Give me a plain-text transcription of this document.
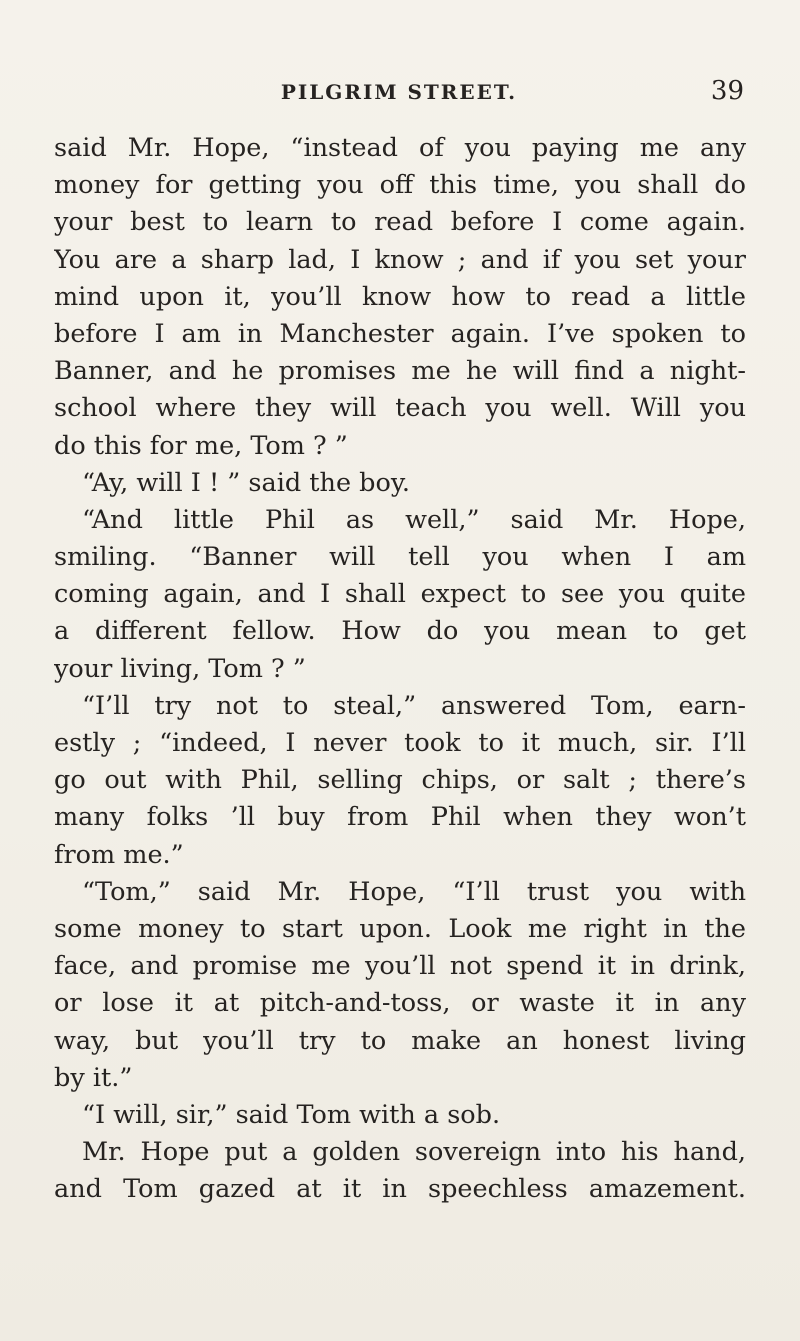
PILGRIM STREET.	39
said Mr. Hope, “instead of you paying me any
money for getting you off this time, you shall do
your best to learn to read before I come again.
You are a sharp lad, I know ; and if you set your
mind upon it, you’ll know how to read a little
before I am in Manchester again. I’ve spoken to
Banner, and he promises me he will find a night-
school where they will teach you well. Will you
do this for me, Tom ? ”
“Ay, will I ! ” said the boy.
“And little Phil as well,” said Mr. Hope,
smiling. “Banner will tell you when I am
coming again, and I shall expect to see you quite
a different fellow. How do you mean to get
your living, Tom ? ”
“I’ll try not to steal,” answered Tom, earn-
estly ; “indeed, I never took to it much, sir. I’ll
go out with Phil, selling chips, or salt ; there’s
many folks ’ll buy from Phil when they won’t
from me.”
“Tom,” said Mr. Hope, “I’ll trust you with
some money to start upon. Look me right in the
face, and promise me you’ll not spend it in drink,
or lose it at pitch-and-toss, or waste it in any
way, but you’ll try to make an honest living
by it.”
“I will, sir,” said Tom with a sob.
Mr. Hope put a golden sovereign into his hand,
and Tom gazed at it in speechless amazement.
